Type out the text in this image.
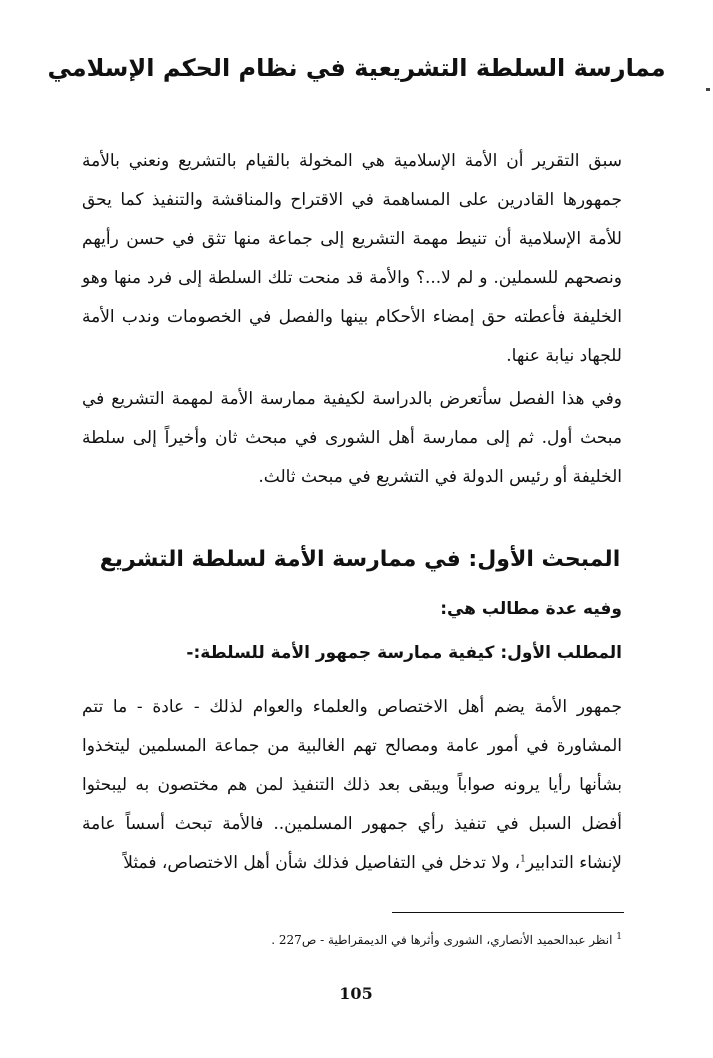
ممارسة السلطة التشريعية في نظام الحكم الإسلامي

سبق التقرير أن الأمة الإسلامية هي المخولة بالقيام بالتشريع ونعني بالأمة جمهورها القادرين على المساهمة في الاقتراح والمناقشة والتنفيذ كما يحق للأمة الإسلامية أن تنيط مهمة التشريع إلى جماعة منها تثق في حسن رأيهم ونصحهم للسملين. و لم لا...؟ والأمة قد منحت تلك السلطة إلى فرد منها وهو الخليفة فأعطته حق إمضاء الأحكام بينها والفصل في الخصومات وندب الأمة للجهاد نيابة عنها.

وفي هذا الفصل سأتعرض بالدراسة لكيفية ممارسة الأمة لمهمة التشريع في مبحث أول. ثم إلى ممارسة أهل الشورى في مبحث ثان وأخيراً إلى سلطة الخليفة أو رئيس الدولة في التشريع في مبحث ثالث.

المبحث الأول: في ممارسة الأمة لسلطة التشريع

وفيه عدة مطالب هي:

المطلب الأول: كيفية ممارسة جمهور الأمة للسلطة:-

جمهور الأمة يضم أهل الاختصاص والعلماء والعوام لذلك - عادة - ما تتم المشاورة في أمور عامة ومصالح تهم الغالبية من جماعة المسلمين ليتخذوا بشأنها رأيا يرونه صواباً ويبقى بعد ذلك التنفيذ لمن هم مختصون به ليبحثوا أفضل السبل في تنفيذ رأي جمهور المسلمين.. فالأمة تبحث أسساً عامة لإنشاء التدابير$^1$، ولا تدخل في التفاصيل فذلك شأن أهل الاختصاص، فمثلاً

$^1$ انظر عبدالحميد الأنصاري، الشورى وأثرها في الديمقراطية - ص227 .

105
